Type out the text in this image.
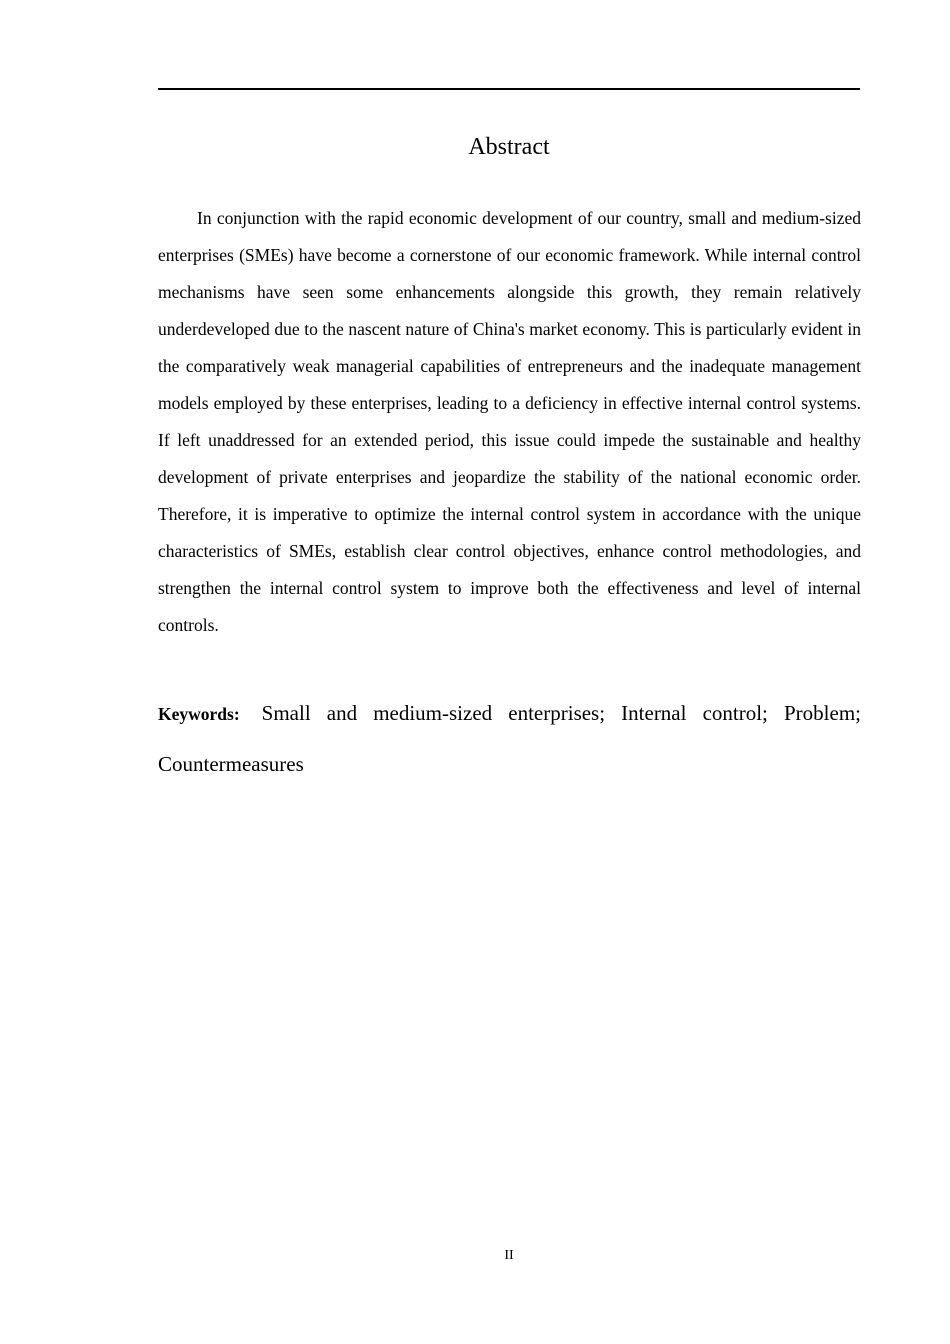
Abstract

In conjunction with the rapid economic development of our country, small and medium-sized enterprises (SMEs) have become a cornerstone of our economic framework. While internal control mechanisms have seen some enhancements alongside this growth, they remain relatively underdeveloped due to the nascent nature of China's market economy. This is particularly evident in the comparatively weak managerial capabilities of entrepreneurs and the inadequate management models employed by these enterprises, leading to a deficiency in effective internal control systems. If left unaddressed for an extended period, this issue could impede the sustainable and healthy development of private enterprises and jeopardize the stability of the national economic order. Therefore, it is imperative to optimize the internal control system in accordance with the unique characteristics of SMEs, establish clear control objectives, enhance control methodologies, and strengthen the internal control system to improve both the effectiveness and level of internal controls.

Keywords: Small and medium-sized enterprises; Internal control; Problem; Countermeasures

II
